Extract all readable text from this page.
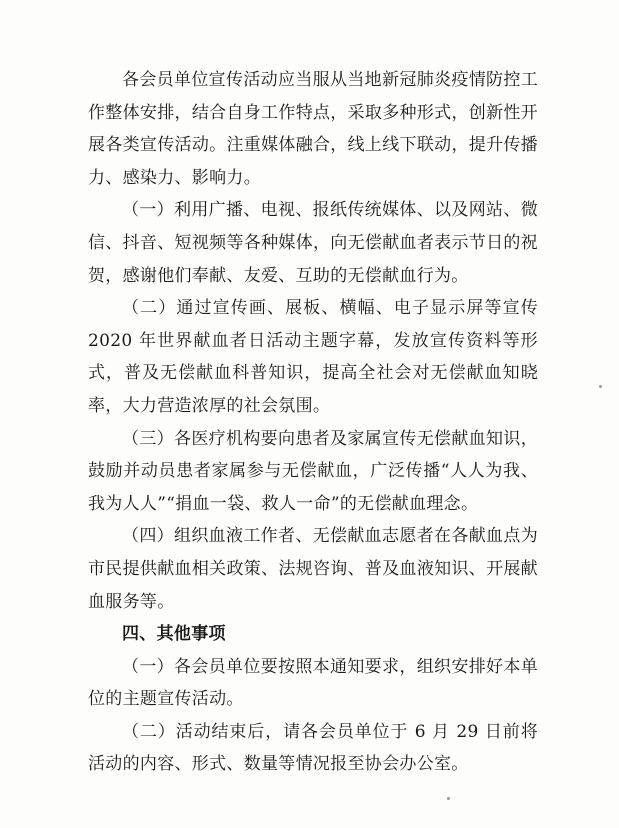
各会员单位宣传活动应当服从当地新冠肺炎疫情防控工作整体安排，结合自身工作特点，采取多种形式，创新性开展各类宣传活动。注重媒体融合，线上线下联动，提升传播力、感染力、影响力。

（一）利用广播、电视、报纸传统媒体、以及网站、微信、抖音、短视频等各种媒体，向无偿献血者表示节日的祝贺，感谢他们奉献、友爱、互助的无偿献血行为。

（二）通过宣传画、展板、横幅、电子显示屏等宣传 2020 年世界献血者日活动主题字幕，发放宣传资料等形式，普及无偿献血科普知识，提高全社会对无偿献血知晓率，大力营造浓厚的社会氛围。

（三）各医疗机构要向患者及家属宣传无偿献血知识，鼓励并动员患者家属参与无偿献血，广泛传播“人人为我、我为人人”“捐血一袋、救人一命”的无偿献血理念。

（四）组织血液工作者、无偿献血志愿者在各献血点为市民提供献血相关政策、法规咨询、普及血液知识、开展献血服务等。

四、其他事项

（一）各会员单位要按照本通知要求，组织安排好本单位的主题宣传活动。

（二）活动结束后，请各会员单位于 6 月 29 日前将活动的内容、形式、数量等情况报至协会办公室。
